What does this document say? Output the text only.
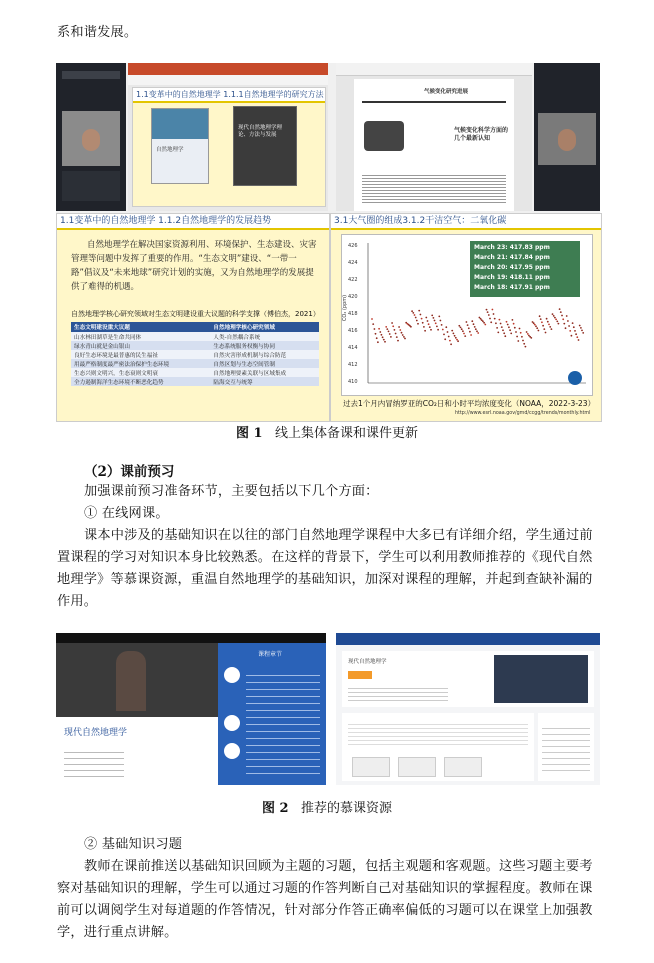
系和谐发展。
1.1变革中的自然地理学 1.1.1自然地理学的研究方法
自然地理学
现代自然地理学理论、方法与发展
气候变化研究进展
气候变化科学方面的几个最新认知
1.1变革中的自然地理学 1.1.2自然地理学的发展趋势
自然地理学在解决国家资源利用、环境保护、生态建设、灾害管理等问题中发挥了重要的作用。“生态文明”建设、“一带一路”倡议及“未来地球”研究计划的实施，又为自然地理学的发展提供了难得的机遇。
自然地理学核心研究领域对生态文明建设重大议题的科学支撑（傅伯杰，2021）
生态文明建设重大议题	自然地理学核心研究领域
山水林田湖草是生命共同体	人类-自然耦合系统
绿水青山就是金山银山	生态系统服务权衡与协同
良好生态环境是最普惠的民生福祉	自然灾害形成机制与综合防范
用最严格制度最严密法治保护生态环境	自然区划与生态空间管制
生态兴则文明兴，生态衰则文明衰	自然地理要素关联与区域集成
全力遏制海洋生态环境不断恶化趋势	陆海交互与统筹
3.1大气圈的组成3.1.2干洁空气：二氧化碳
426
424
422
420
418
416
414
412
410
CO₂ (ppm)
March 23: 417.83 ppm
March 21: 417.84 ppm
March 20: 417.95 ppm
March 19: 418.11 ppm
March 18: 417.91 ppm
过去1个月内冒纳罗亚的CO₂日和小时平均浓度变化（NOAA，2022-3-23）
http://www.esrl.noaa.gov/gmd/ccgg/trends/monthly.html
图 1 线上集体备课和课件更新
（2）课前预习
加强课前预习准备环节，主要包括以下几个方面：
① 在线网课。
课本中涉及的基础知识在以往的部门自然地理学课程中大多已有详细介绍，学生通过前
置课程的学习对知识本身比较熟悉。在这样的背景下，学生可以利用教师推荐的《现代自然
地理学》等慕课资源，重温自然地理学的基础知识，加深对课程的理解，并起到查缺补漏的
作用。
现代自然地理学
课程章节
现代自然地理学
图 2 推荐的慕课资源
② 基础知识习题
教师在课前推送以基础知识回顾为主题的习题，包括主观题和客观题。这些习题主要考
察对基础知识的理解，学生可以通过习题的作答判断自己对基础知识的掌握程度。教师在课
前可以调阅学生对每道题的作答情况，针对部分作答正确率偏低的习题可以在课堂上加强教
学，进行重点讲解。
